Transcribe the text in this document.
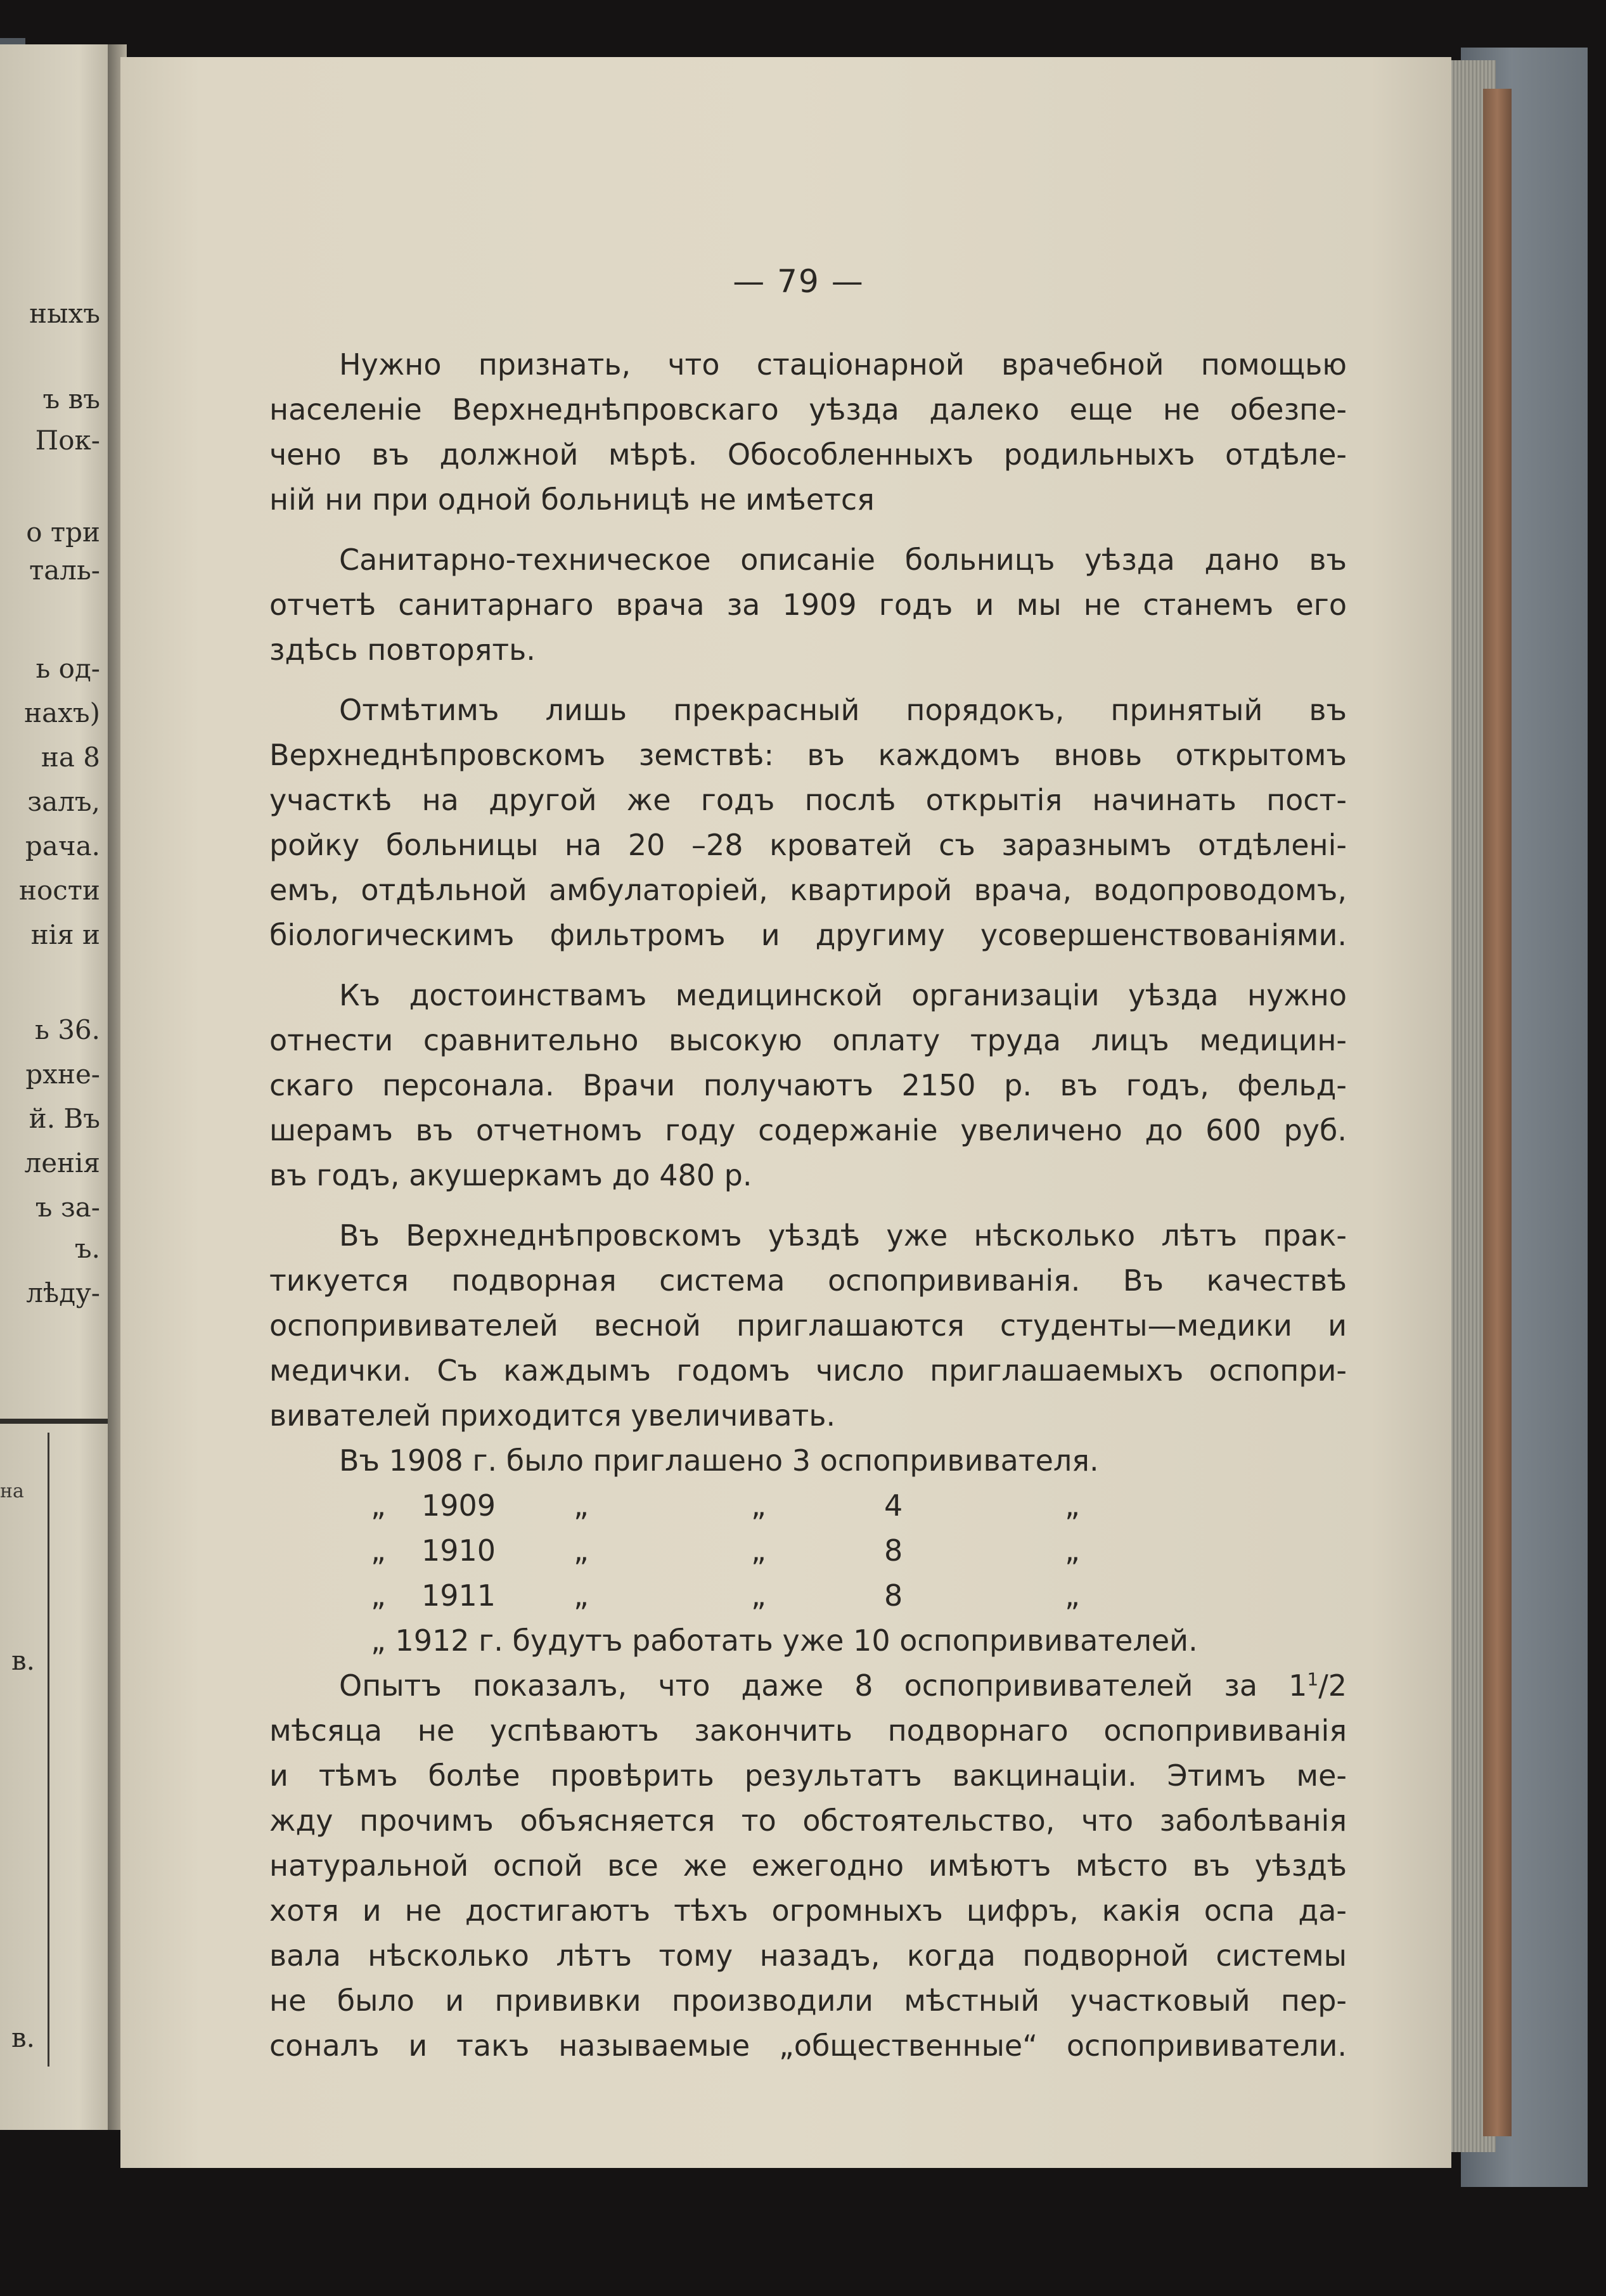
ныхъ
ъ въ
Пок-
о три
таль-
ь од-
нахъ)
на 8
залъ,
рача.
ности
нія и
ь 36.
рхне-
й. Въ
ленія
ъ за-
ъ.
лѣду-
на
в.
в.
— 79 —
Нужно признать, что стаціонарной врачебной помощью
населеніе Верхнеднѣпровскаго уѣзда далеко еще не обезпе-
чено въ должной мѣрѣ. Обособленныхъ родильныхъ отдѣле-
ній ни при одной больницѣ не имѣется
Санитарно-техническое описаніе больницъ уѣзда дано въ
отчетѣ санитарнаго врача за 1909 годъ и мы не станемъ его
здѣсь повторять.
Отмѣтимъ лишь прекрасный порядокъ, принятый въ
Верхнеднѣпровскомъ земствѣ: въ каждомъ вновь открытомъ
участкѣ на другой же годъ послѣ открытія начинать пост-
ройку больницы на 20 –28 кроватей съ заразнымъ отдѣлені-
емъ, отдѣльной амбулаторіей, квартирой врача, водопроводомъ,
біологическимъ фильтромъ и другиму усовершенствованіями.
Къ достоинствамъ медицинской организаціи уѣзда нужно
отнести сравнительно высокую оплату труда лицъ медицин-
скаго персонала. Врачи получаютъ 2150 р. въ годъ, фельд-
шерамъ въ отчетномъ году содержаніе увеличено до 600 руб.
въ годъ, акушеркамъ до 480 р.
Въ Верхнеднѣпровскомъ уѣздѣ уже нѣсколько лѣтъ прак-
тикуется подворная система оспопрививанія. Въ качествѣ
оспопрививателей весной приглашаются студенты—медики и
медички. Съ каждымъ годомъ число приглашаемыхъ оспопри-
вивателей приходится увеличивать.
Въ 1908 г. было приглашено 3 оспопрививателя.
„ 1909	„	„	4	„
„ 1910	„	„	8	„
„ 1911	„	„	8	„
„ 1912 г. будутъ работать уже 10 оспопрививателей.
Опытъ показалъ, что даже 8 оспопрививателей за $1^1/2$
мѣсяца не успѣваютъ закончить подворнаго оспопрививанія
и тѣмъ болѣе провѣрить результатъ вакцинаціи. Этимъ ме-
жду прочимъ объясняется то обстоятельство, что заболѣванія
натуральной оспой все же ежегодно имѣютъ мѣсто въ уѣздѣ
хотя и не достигаютъ тѣхъ огромныхъ цифръ, какія оспа да-
вала нѣсколько лѣтъ тому назадъ, когда подворной системы
не было и прививки производили мѣстный участковый пер-
соналъ и такъ называемые „общественные“ оспопрививатели.
